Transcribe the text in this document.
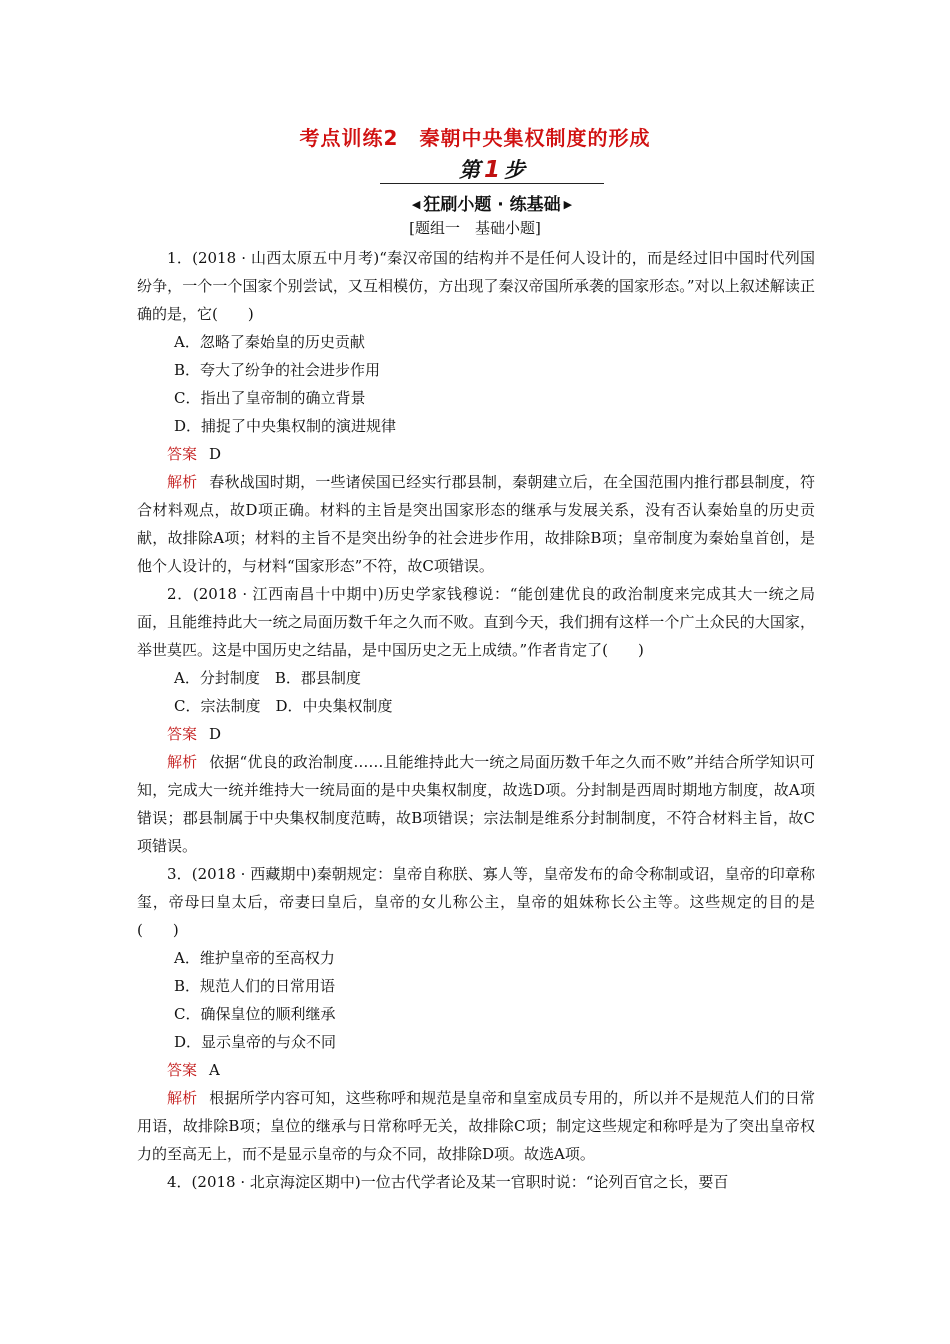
考点训练2　秦朝中央集权制度的形成
第 1 步
◀ 狂刷小题 · 练基础 ▶
[题组一　基础小题]

1．(2018 · 山西太原五中月考)“秦汉帝国的结构并不是任何人设计的，而是经过旧中国时代列国纷争，一个一个国家个别尝试，又互相模仿，方出现了秦汉帝国所承袭的国家形态。”对以上叙述解读正确的是，它(　　)

A．忽略了秦始皇的历史贡献

B．夸大了纷争的社会进步作用

C．指出了皇帝制的确立背景

D．捕捉了中央集权制的演进规律

答案 D

解析 春秋战国时期，一些诸侯国已经实行郡县制，秦朝建立后，在全国范围内推行郡县制度，符合材料观点，故D项正确。材料的主旨是突出国家形态的继承与发展关系，没有否认秦始皇的历史贡献，故排除A项；材料的主旨不是突出纷争的社会进步作用，故排除B项；皇帝制度为秦始皇首创，是他个人设计的，与材料“国家形态”不符，故C项错误。

2．(2018 · 江西南昌十中期中)历史学家钱穆说：“能创建优良的政治制度来完成其大一统之局面，且能维持此大一统之局面历数千年之久而不败。直到今天，我们拥有这样一个广土众民的大国家，举世莫匹。这是中国历史之结晶，是中国历史之无上成绩。”作者肯定了(　　)

A．分封制度　B．郡县制度

C．宗法制度　D．中央集权制度

答案 D

解析 依据“优良的政治制度……且能维持此大一统之局面历数千年之久而不败”并结合所学知识可知，完成大一统并维持大一统局面的是中央集权制度，故选D项。分封制是西周时期地方制度，故A项错误；郡县制属于中央集权制度范畴，故B项错误；宗法制是维系分封制制度，不符合材料主旨，故C项错误。

3．(2018 · 西藏期中)秦朝规定：皇帝自称朕、寡人等，皇帝发布的命令称制或诏，皇帝的印章称玺，帝母曰皇太后，帝妻曰皇后，皇帝的女儿称公主，皇帝的姐妹称长公主等。这些规定的目的是(　　)

A．维护皇帝的至高权力

B．规范人们的日常用语

C．确保皇位的顺利继承

D．显示皇帝的与众不同

答案 A

解析 根据所学内容可知，这些称呼和规范是皇帝和皇室成员专用的，所以并不是规范人们的日常用语，故排除B项；皇位的继承与日常称呼无关，故排除C项；制定这些规定和称呼是为了突出皇帝权力的至高无上，而不是显示皇帝的与众不同，故排除D项。故选A项。

4．(2018 · 北京海淀区期中)一位古代学者论及某一官职时说：“论列百官之长，要百
